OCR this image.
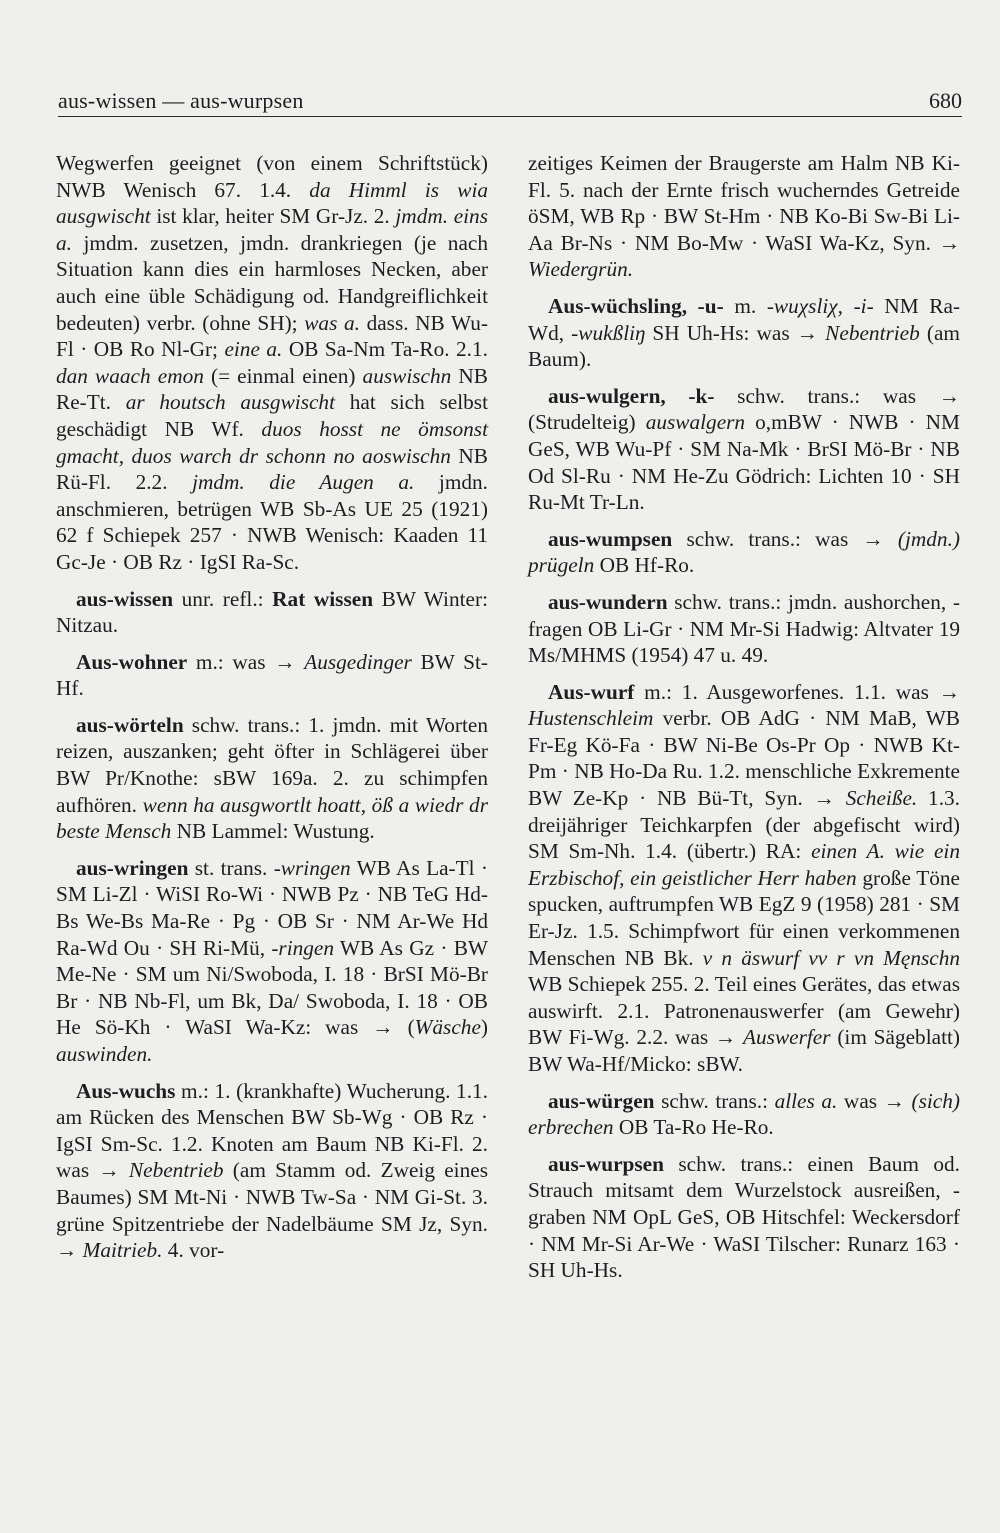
aus-wissen — aus-wurpsen	680

Wegwerfen geeignet (von einem Schriftstück) NWB Wenisch 67. 1.4. da Himml is wia ausgwischt ist klar, heiter SM Gr-Jz. 2. jmdm. eins a. jmdm. zusetzen, jmdn. drankriegen (je nach Situation kann dies ein harmloses Necken, aber auch eine üble Schädigung od. Handgreiflichkeit bedeuten) verbr. (ohne SH); was a. dass. NB Wu-Fl · OB Ro Nl-Gr; eine a. OB Sa-Nm Ta-Ro. 2.1. dan waach emon (= einmal einen) auswischn NB Re-Tt. ar houtsch ausgwischt hat sich selbst geschädigt NB Wf. duos hosst ne ömsonst gmacht, duos warch dr schonn no aoswischn NB Rü-Fl. 2.2. jmdm. die Augen a. jmdn. anschmieren, betrügen WB Sb-As UE 25 (1921) 62 f Schiepek 257 · NWB Wenisch: Kaaden 11 Gc-Je · OB Rz · IgSI Ra-Sc.

aus-wissen unr. refl.: Rat wissen BW Winter: Nitzau.

Aus-wohner m.: was → Ausgedinger BW St-Hf.

aus-wörteln schw. trans.: 1. jmdn. mit Worten reizen, auszanken; geht öfter in Schlägerei über BW Pr/Knothe: sBW 169a. 2. zu schimpfen aufhören. wenn ha ausgwortlt hoatt, öß a wiedr dr beste Mensch NB Lammel: Wustung.

aus-wringen st. trans. -wringen WB As La-Tl · SM Li-Zl · WiSI Ro-Wi · NWB Pz · NB TeG Hd-Bs We-Bs Ma-Re · Pg · OB Sr · NM Ar-We Hd Ra-Wd Ou · SH Ri-Mü, -ringen WB As Gz · BW Me-Ne · SM um Ni/Swoboda, I. 18 · BrSI Mö-Br Br · NB Nb-Fl, um Bk, Da/ Swoboda, I. 18 · OB He Sö-Kh · WaSI Wa-Kz: was → (Wäsche) auswinden.

Aus-wuchs m.: 1. (krankhafte) Wucherung. 1.1. am Rücken des Menschen BW Sb-Wg · OB Rz · IgSI Sm-Sc. 1.2. Knoten am Baum NB Ki-Fl. 2. was → Nebentrieb (am Stamm od. Zweig eines Baumes) SM Mt-Ni · NWB Tw-Sa · NM Gi-St. 3. grüne Spitzentriebe der Nadelbäume SM Jz, Syn. → Maitrieb. 4. vor-

zeitiges Keimen der Braugerste am Halm NB Ki-Fl. 5. nach der Ernte frisch wucherndes Getreide öSM, WB Rp · BW St-Hm · NB Ko-Bi Sw-Bi Li-Aa Br-Ns · NM Bo-Mw · WaSI Wa-Kz, Syn. → Wiedergrün.

Aus-wüchsling, -u- m. -wuχsliχ, -i- NM Ra-Wd, -wukßliŋ SH Uh-Hs: was → Nebentrieb (am Baum).

aus-wulgern, -k- schw. trans.: was → (Strudelteig) auswalgern o,mBW · NWB · NM GeS, WB Wu-Pf · SM Na-Mk · BrSI Mö-Br · NB Od Sl-Ru · NM He-Zu Gödrich: Lichten 10 · SH Ru-Mt Tr-Ln.

aus-wumpsen schw. trans.: was → (jmdn.) prügeln OB Hf-Ro.

aus-wundern schw. trans.: jmdn. aushorchen, -fragen OB Li-Gr · NM Mr-Si Hadwig: Altvater 19 Ms/MHMS (1954) 47 u. 49.

Aus-wurf m.: 1. Ausgeworfenes. 1.1. was → Hustenschleim verbr. OB AdG · NM MaB, WB Fr-Eg Kö-Fa · BW Ni-Be Os-Pr Op · NWB Kt-Pm · NB Ho-Da Ru. 1.2. menschliche Exkremente BW Ze-Kp · NB Bü-Tt, Syn. → Scheiße. 1.3. dreijähriger Teichkarpfen (der abgefischt wird) SM Sm-Nh. 1.4. (übertr.) RA: einen A. wie ein Erzbischof, ein geistlicher Herr haben große Töne spucken, auftrumpfen WB EgZ 9 (1958) 281 · SM Er-Jz. 1.5. Schimpfwort für einen verkommenen Menschen NB Bk. v n äswurf vv r vn Męnschn WB Schiepek 255. 2. Teil eines Gerätes, das etwas auswirft. 2.1. Patronenauswerfer (am Gewehr) BW Fi-Wg. 2.2. was → Auswerfer (im Sägeblatt) BW Wa-Hf/Micko: sBW.

aus-würgen schw. trans.: alles a. was → (sich) erbrechen OB Ta-Ro He-Ro.

aus-wurpsen schw. trans.: einen Baum od. Strauch mitsamt dem Wurzelstock ausreißen, -graben NM OpL GeS, OB Hitschfel: Weckersdorf · NM Mr-Si Ar-We · WaSI Tilscher: Runarz 163 · SH Uh-Hs.
